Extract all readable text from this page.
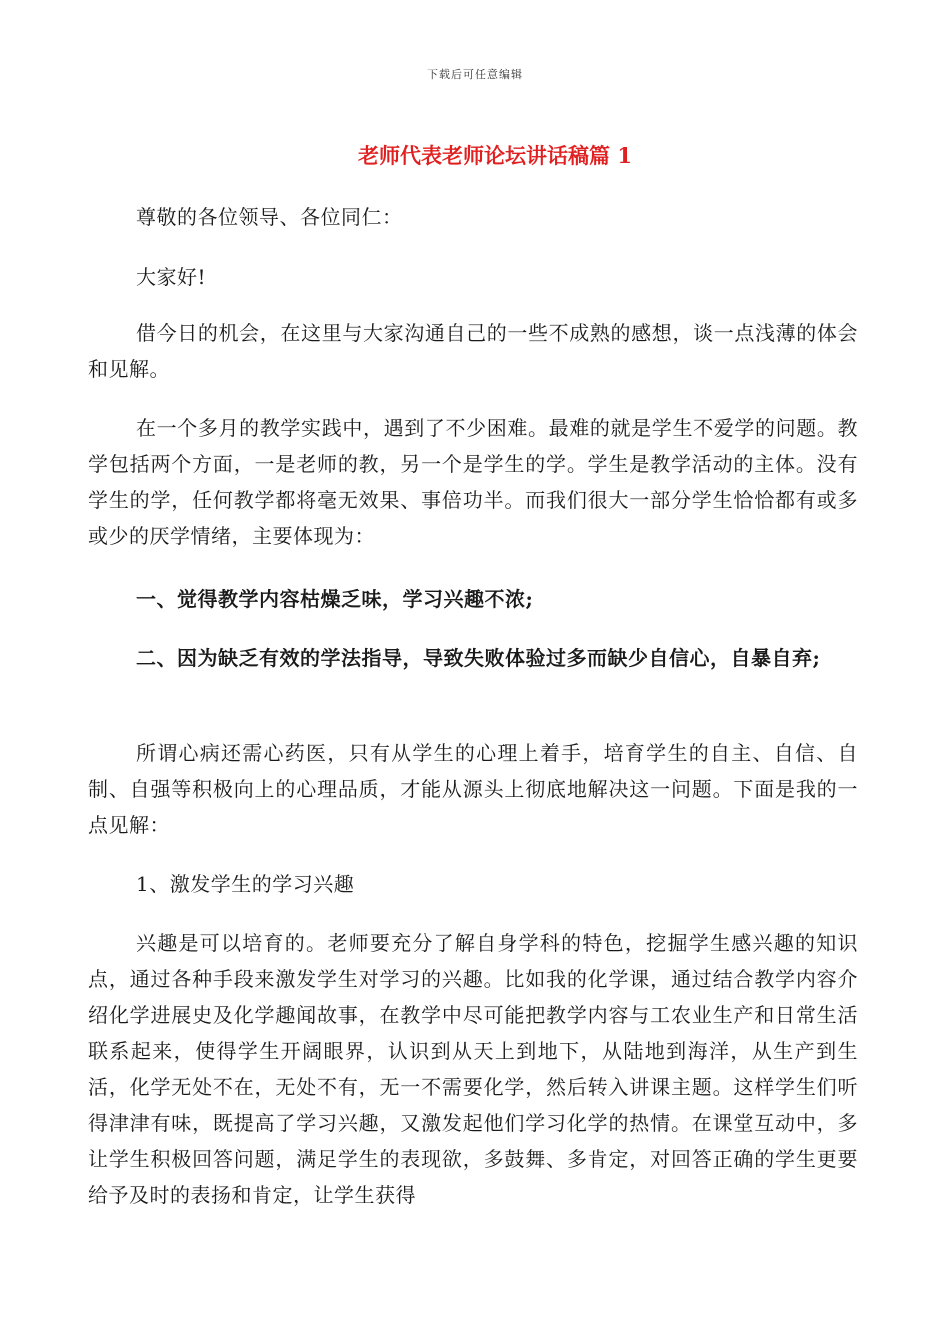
下载后可任意编辑
老师代表老师论坛讲话稿篇 1

尊敬的各位领导、各位同仁：

大家好!

借今日的机会，在这里与大家沟通自己的一些不成熟的感想，谈一点浅薄的体会和见解。

在一个多月的教学实践中，遇到了不少困难。最难的就是学生不爱学的问题。教学包括两个方面，一是老师的教，另一个是学生的学。学生是教学活动的主体。没有学生的学，任何教学都将毫无效果、事倍功半。而我们很大一部分学生恰恰都有或多或少的厌学情绪，主要体现为：

一、觉得教学内容枯燥乏味，学习兴趣不浓;

二、因为缺乏有效的学法指导，导致失败体验过多而缺少自信心，自暴自弃;

所谓心病还需心药医，只有从学生的心理上着手，培育学生的自主、自信、自制、自强等积极向上的心理品质，才能从源头上彻底地解决这一问题。下面是我的一点见解：

1、激发学生的学习兴趣

兴趣是可以培育的。老师要充分了解自身学科的特色，挖掘学生感兴趣的知识点，通过各种手段来激发学生对学习的兴趣。比如我的化学课，通过结合教学内容介绍化学进展史及化学趣闻故事，在教学中尽可能把教学内容与工农业生产和日常生活联系起来，使得学生开阔眼界，认识到从天上到地下，从陆地到海洋，从生产到生活，化学无处不在，无处不有，无一不需要化学，然后转入讲课主题。这样学生们听得津津有味，既提高了学习兴趣，又激发起他们学习化学的热情。在课堂互动中，多让学生积极回答问题，满足学生的表现欲，多鼓舞、多肯定，对回答正确的学生更要给予及时的表扬和肯定，让学生获得
